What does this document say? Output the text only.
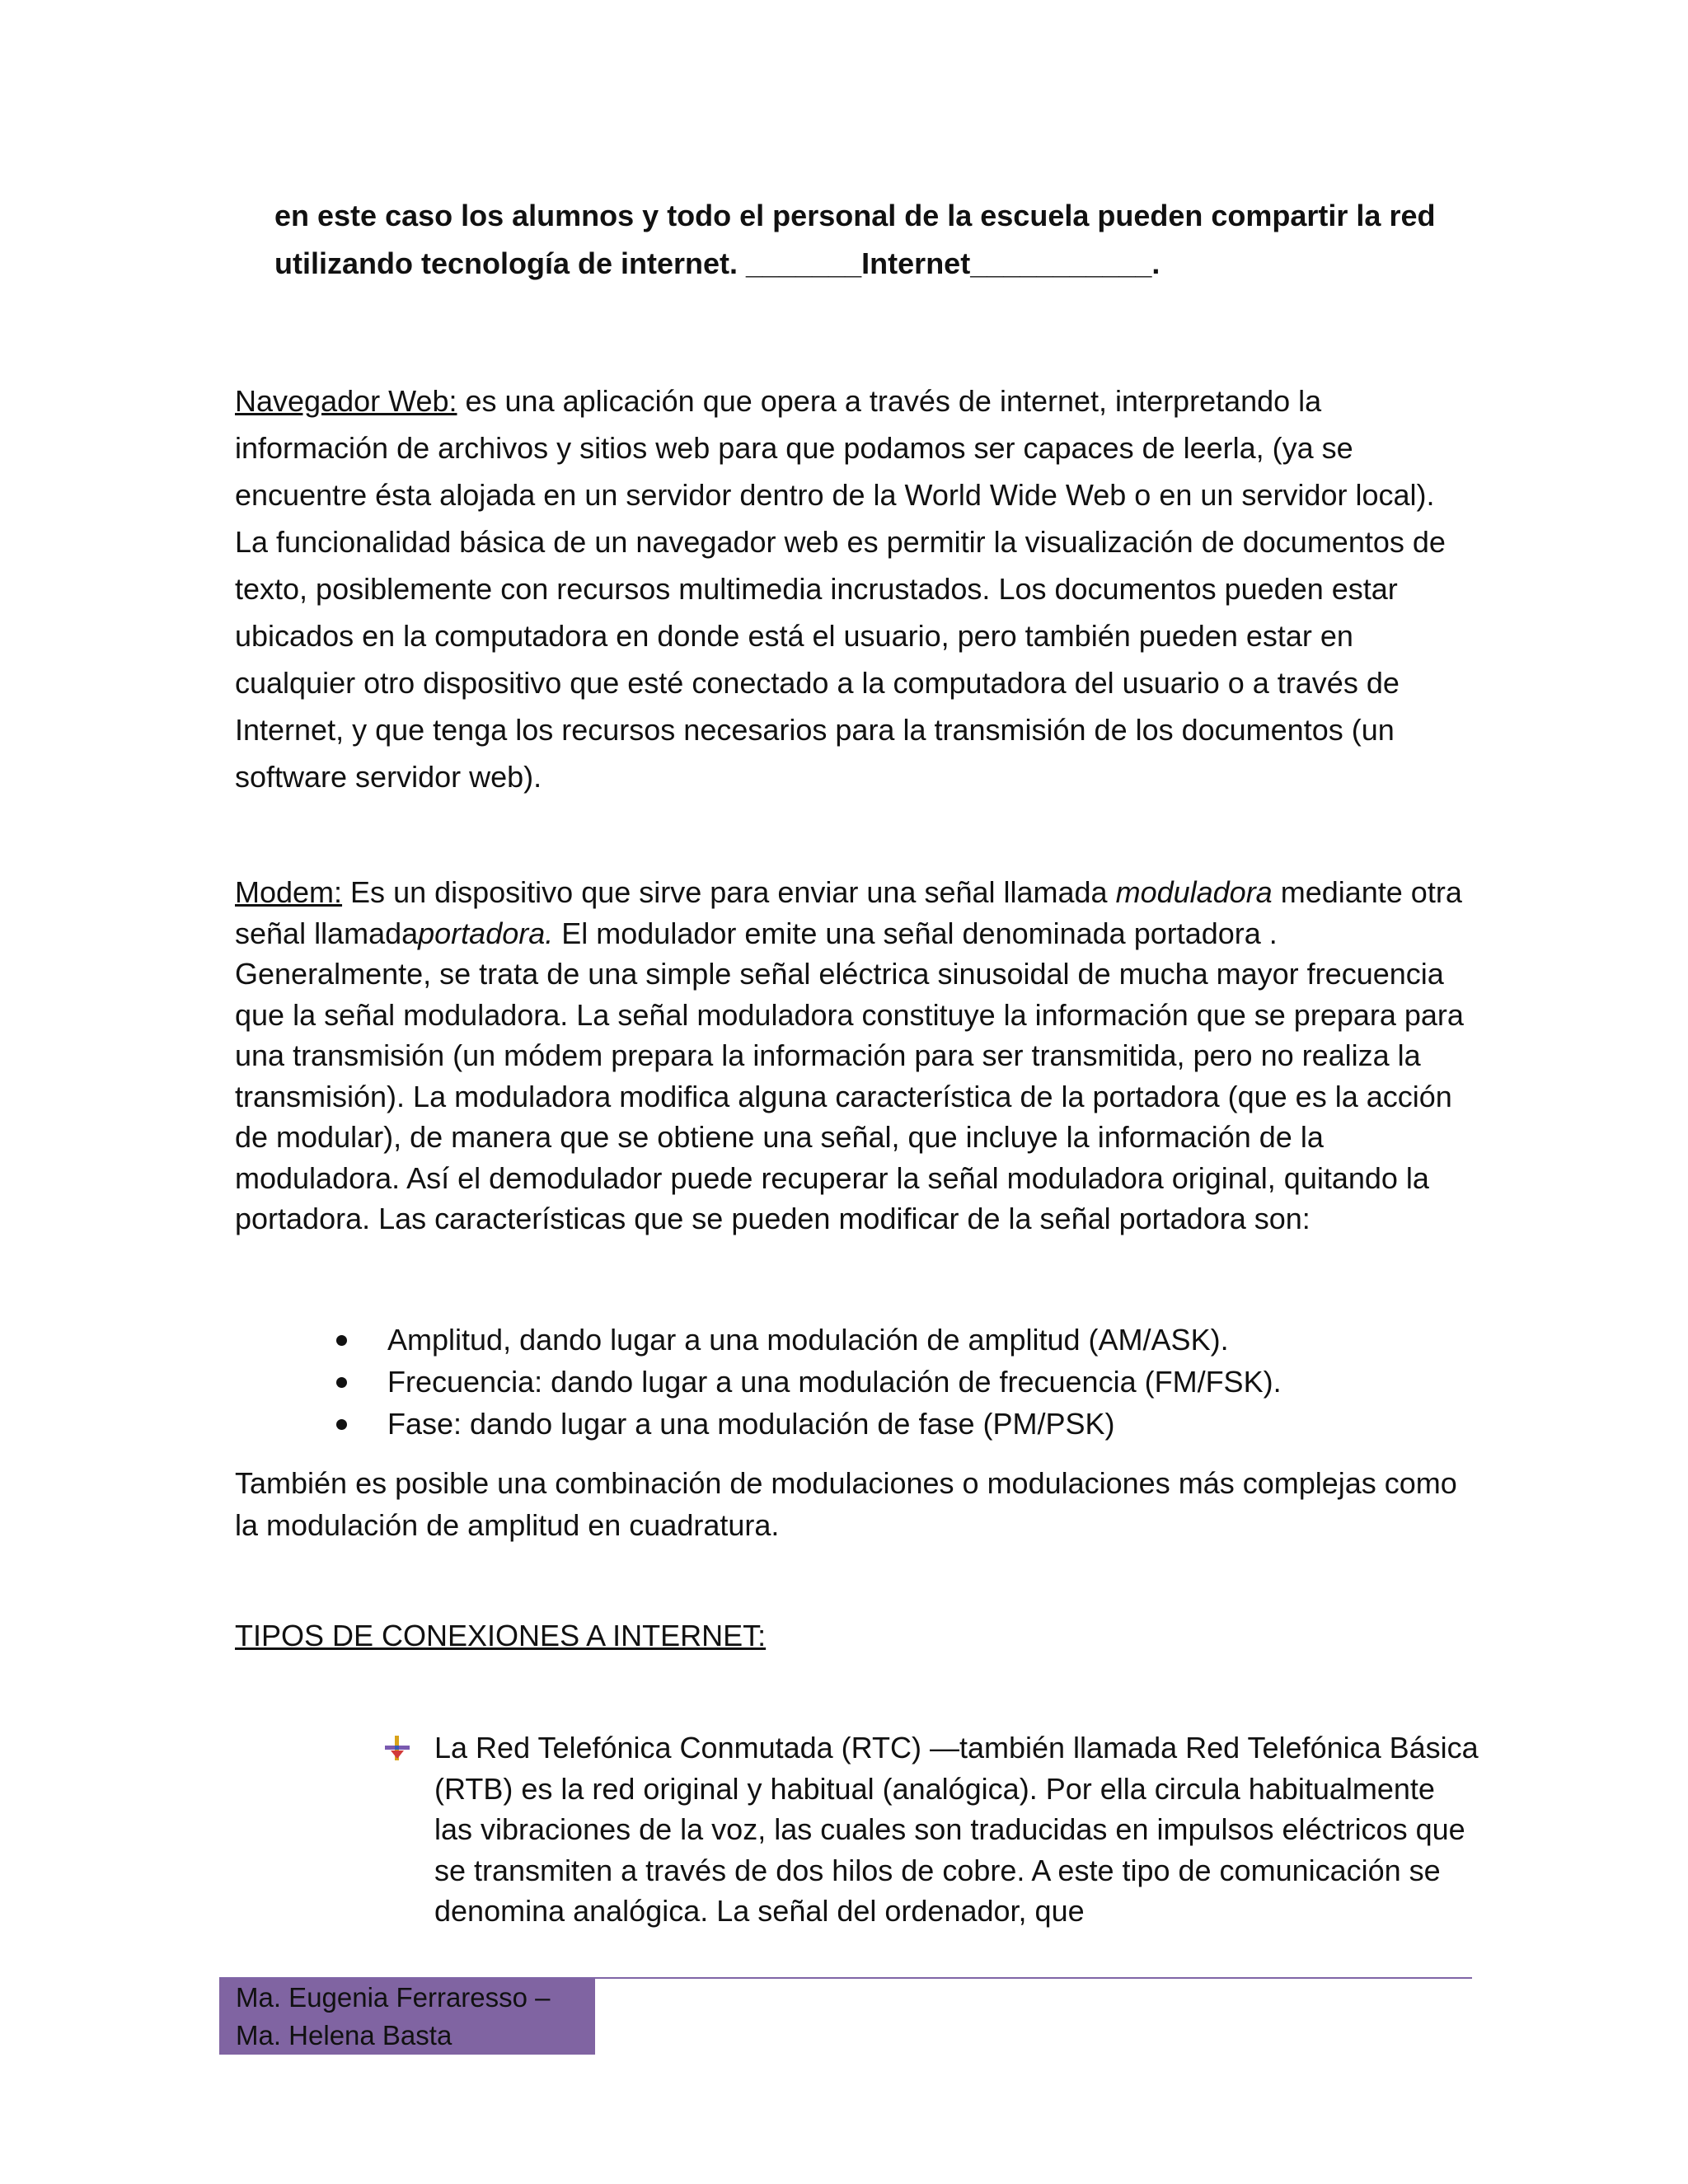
en este caso los alumnos y todo el personal de la escuela pueden compartir la red
utilizando tecnología de internet. _______Internet___________.
Navegador Web: es una aplicación que opera a través de internet, interpretando la información de archivos y sitios web para que podamos ser capaces de leerla, (ya se encuentre ésta alojada en un servidor dentro de la World Wide Web o en un servidor local). La funcionalidad básica de un navegador web es permitir la visualización de documentos de texto, posiblemente con recursos multimedia incrustados. Los documentos pueden estar ubicados en la computadora en donde está el usuario, pero también pueden estar en cualquier otro dispositivo que esté conectado a la computadora del usuario o a través de Internet, y que tenga los recursos necesarios para la transmisión de los documentos (un software servidor web).
Modem: Es un dispositivo que sirve para enviar una señal llamada moduladora mediante otra señal llamadaportadora. El modulador emite una señal denominada portadora . Generalmente, se trata de una simple señal eléctrica sinusoidal de mucha mayor frecuencia que la señal moduladora. La señal moduladora constituye la información que se prepara para una transmisión (un módem prepara la información para ser transmitida, pero no realiza la transmisión). La moduladora modifica alguna característica de la portadora (que es la acción de modular), de manera que se obtiene una señal, que incluye la información de la moduladora. Así el demodulador puede recuperar la señal moduladora original, quitando la portadora. Las características que se pueden modificar de la señal portadora son:
Amplitud, dando lugar a una modulación de amplitud (AM/ASK).
Frecuencia: dando lugar a una modulación de frecuencia (FM/FSK).
Fase: dando lugar a una modulación de fase (PM/PSK)
También es posible una combinación de modulaciones o modulaciones más complejas como la modulación de amplitud en cuadratura.
TIPOS DE CONEXIONES A INTERNET:
La Red Telefónica Conmutada (RTC) —también llamada Red Telefónica Básica (RTB) es la red original y habitual (analógica). Por ella circula habitualmente las vibraciones de la voz, las cuales son traducidas en impulsos eléctricos que se transmiten a través de dos hilos de cobre. A este tipo de comunicación se denomina analógica. La señal del ordenador, que
Ma. Eugenia Ferraresso –
Ma. Helena Basta
